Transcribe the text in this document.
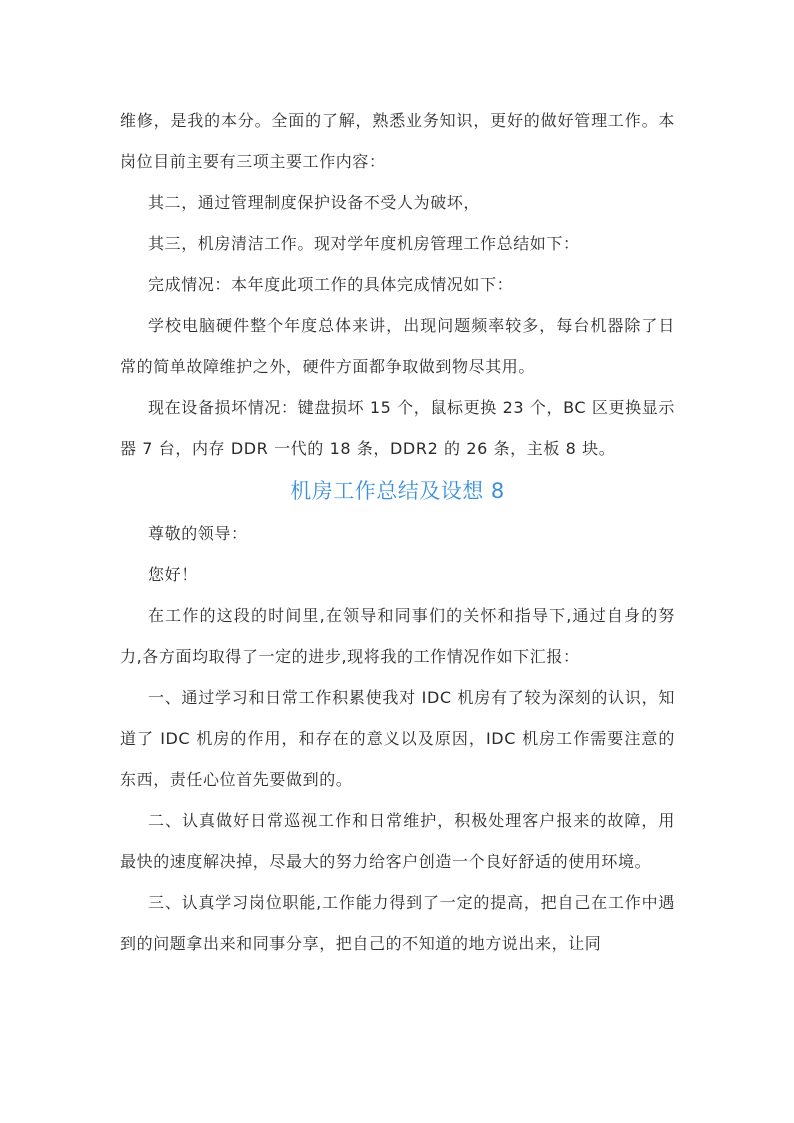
维修，是我的本分。全面的了解，熟悉业务知识，更好的做好管理工作。本岗位目前主要有三项主要工作内容：

其二，通过管理制度保护设备不受人为破坏，

其三，机房清洁工作。现对学年度机房管理工作总结如下：

完成情况：本年度此项工作的具体完成情况如下：

学校电脑硬件整个年度总体来讲，出现问题频率较多，每台机器除了日常的简单故障维护之外，硬件方面都争取做到物尽其用。

现在设备损坏情况：键盘损坏 15 个，鼠标更换 23 个，BC 区更换显示器 7 台，内存 DDR 一代的 18 条，DDR2 的 26 条，主板 8 块。

机房工作总结及设想 8

尊敬的领导：

您好！

在工作的这段的时间里,在领导和同事们的关怀和指导下,通过自身的努力,各方面均取得了一定的进步,现将我的工作情况作如下汇报：

一、通过学习和日常工作积累使我对 IDC 机房有了较为深刻的认识，知道了 IDC 机房的作用，和存在的意义以及原因，IDC 机房工作需要注意的东西，责任心位首先要做到的。

二、认真做好日常巡视工作和日常维护，积极处理客户报来的故障，用最快的速度解决掉，尽最大的努力给客户创造一个良好舒适的使用环境。

三、认真学习岗位职能,工作能力得到了一定的提高，把自己在工作中遇到的问题拿出来和同事分享，把自己的不知道的地方说出来，让同
